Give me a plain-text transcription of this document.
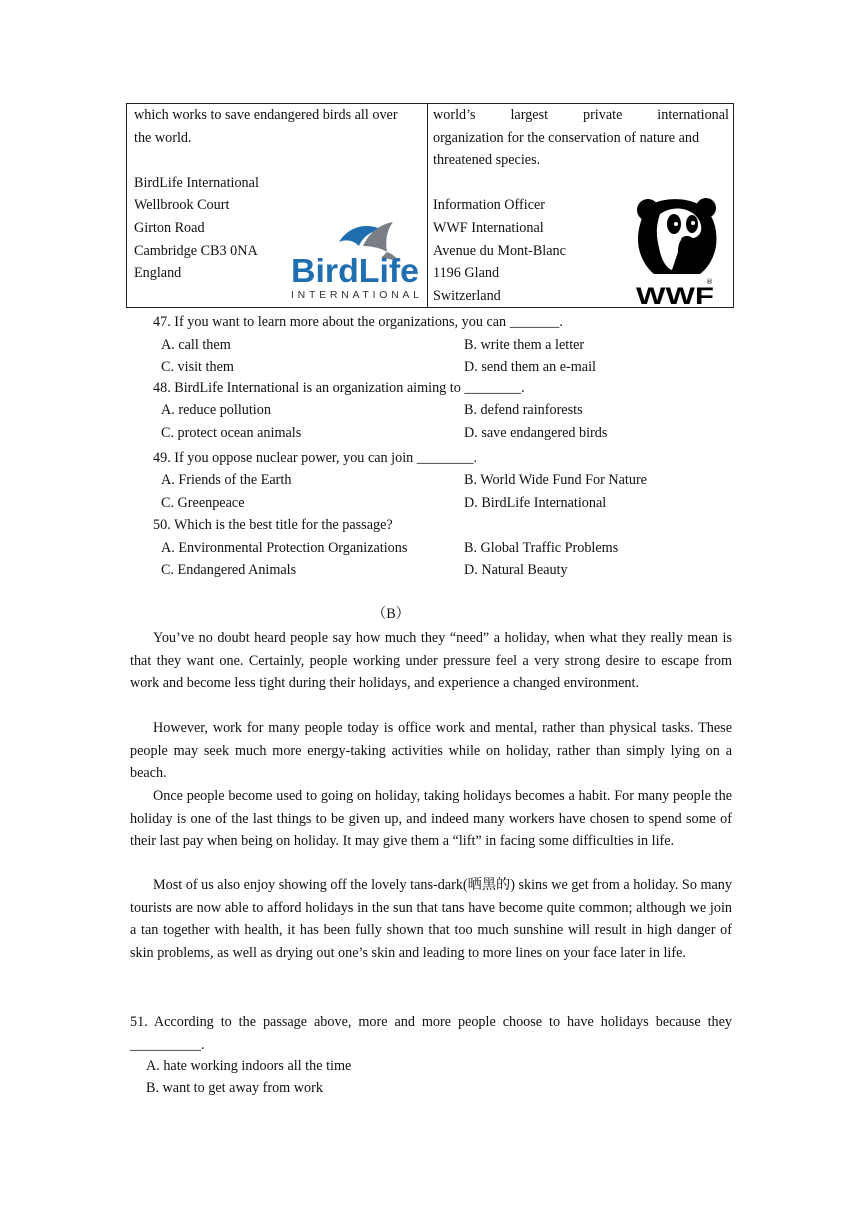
which works to save endangered birds all over
the world.
BirdLife International
Wellbrook Court
Girton Road
Cambridge CB3 0NA
England
world’s largest private international
organization for the conservation of nature and
threatened species.
Information Officer
WWF International
Avenue du Mont-Blanc
1196 Gland
Switzerland
BirdLife
INTERNATIONAL
®
WWF
47. If you want to learn more about the organizations, you can _______.
A. call them	B. write them a letter
C. visit them	D. send them an e-mail
48. BirdLife International is an organization aiming to ________.
A. reduce pollution	B. defend rainforests
C. protect ocean animals	D. save endangered birds
49. If you oppose nuclear power, you can join ________.
A. Friends of the Earth	B. World Wide Fund For Nature
C. Greenpeace	D. BirdLife International
50. Which is the best title for the passage?
A. Environmental Protection Organizations	B. Global Traffic Problems
C. Endangered Animals	D. Natural Beauty
（B）
You’ve no doubt heard people say how much they “need” a holiday, when what they really mean is that they want one. Certainly, people working under pressure feel a very strong desire to escape from work and become less tight during their holidays, and experience a changed environment.
However, work for many people today is office work and mental, rather than physical tasks. These people may seek much more energy-taking activities while on holiday, rather than simply lying on a beach.
Once people become used to going on holiday, taking holidays becomes a habit. For many people the holiday is one of the last things to be given up, and indeed many workers have chosen to spend some of their last pay when being on holiday. It may give them a “lift” in facing some difficulties in life.
Most of us also enjoy showing off the lovely tans-dark(晒黑的) skins we get from a holiday. So many tourists are now able to afford holidays in the sun that tans have become quite common; although we join a tan together with health, it has been fully shown that too much sunshine will result in high danger of skin problems, as well as drying out one’s skin and leading to more lines on your face later in life.
51. According to the passage above, more and more people choose to have holidays because they __________.
A. hate working indoors all the time
B. want to get away from work
